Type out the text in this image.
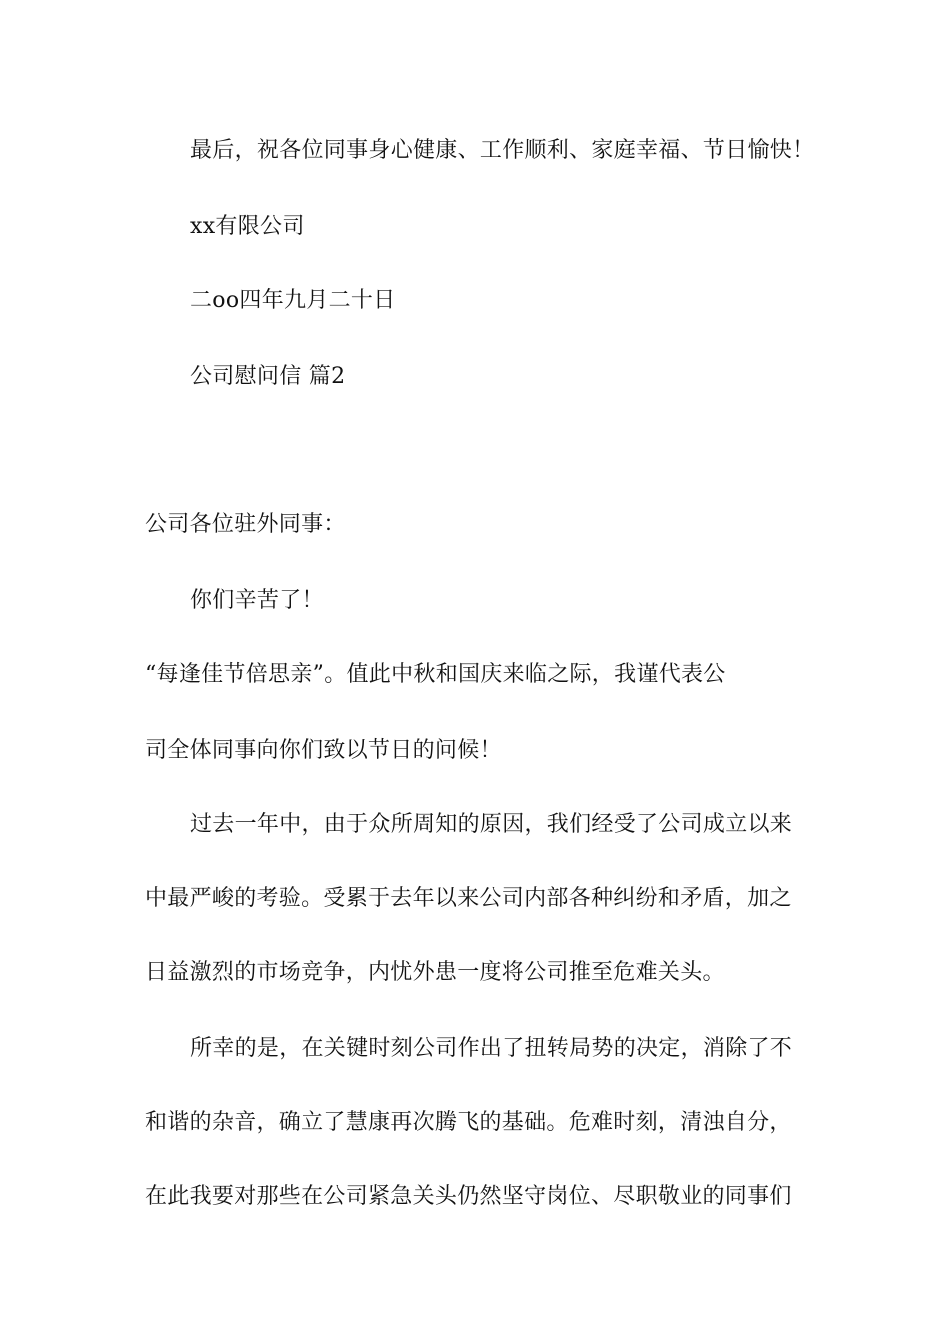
最后，祝各位同事身心健康、工作顺利、家庭幸福、节日愉快！
xx有限公司
二oo四年九月二十日
公司慰问信 篇2
公司各位驻外同事：
你们辛苦了！
“每逢佳节倍思亲”。值此中秋和国庆来临之际，我谨代表公
司全体同事向你们致以节日的问候！
过去一年中，由于众所周知的原因，我们经受了公司成立以来
中最严峻的考验。受累于去年以来公司内部各种纠纷和矛盾，加之
日益激烈的市场竞争，内忧外患一度将公司推至危难关头。
所幸的是，在关键时刻公司作出了扭转局势的决定，消除了不
和谐的杂音，确立了慧康再次腾飞的基础。危难时刻，清浊自分，
在此我要对那些在公司紧急关头仍然坚守岗位、尽职敬业的同事们
